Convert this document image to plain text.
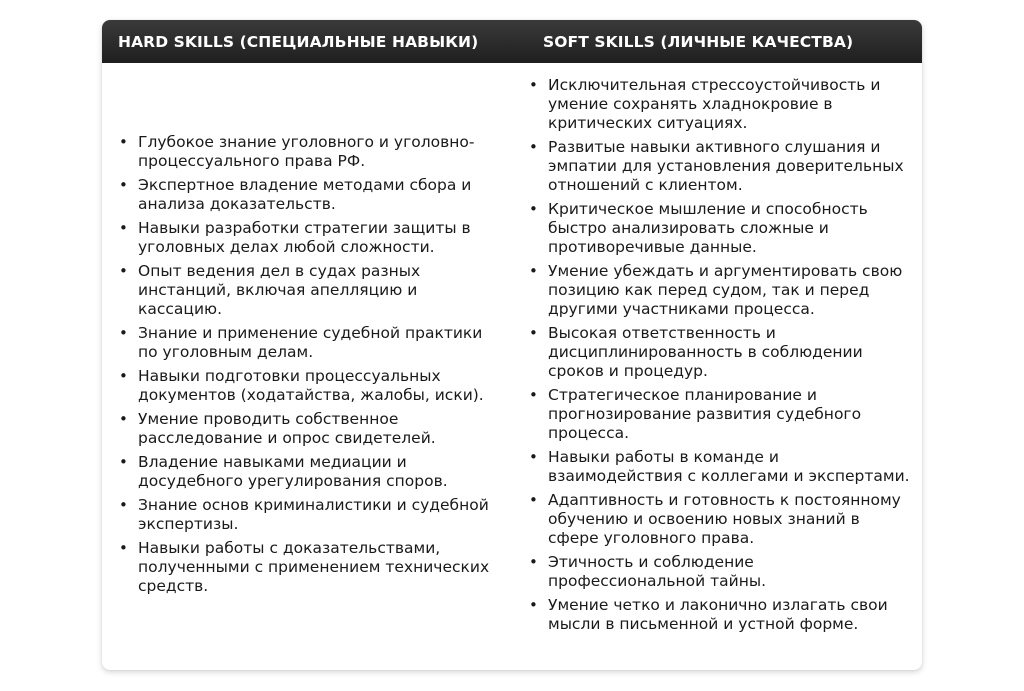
HARD SKILLS (СПЕЦИАЛЬНЫЕ НАВЫКИ)	SOFT SKILLS (ЛИЧНЫЕ КАЧЕСТВА)
• Глубокое знание уголовного и уголовно-процессуального права РФ.
• Экспертное владение методами сбора и анализа доказательств.
• Навыки разработки стратегии защиты в уголовных делах любой сложности.
• Опыт ведения дел в судах разных инстанций, включая апелляцию и кассацию.
• Знание и применение судебной практики по уголовным делам.
• Навыки подготовки процессуальных документов (ходатайства, жалобы, иски).
• Умение проводить собственное расследование и опрос свидетелей.
• Владение навыками медиации и досудебного урегулирования споров.
• Знание основ криминалистики и судебной экспертизы.
• Навыки работы с доказательствами, полученными с применением технических средств.
• Исключительная стрессоустойчивость и умение сохранять хладнокровие в критических ситуациях.
• Развитые навыки активного слушания и эмпатии для установления доверительных отношений с клиентом.
• Критическое мышление и способность быстро анализировать сложные и противоречивые данные.
• Умение убеждать и аргументировать свою позицию как перед судом, так и перед другими участниками процесса.
• Высокая ответственность и дисциплинированность в соблюдении сроков и процедур.
• Стратегическое планирование и прогнозирование развития судебного процесса.
• Навыки работы в команде и взаимодействия с коллегами и экспертами.
• Адаптивность и готовность к постоянному обучению и освоению новых знаний в сфере уголовного права.
• Этичность и соблюдение профессиональной тайны.
• Умение четко и лаконично излагать свои мысли в письменной и устной форме.
